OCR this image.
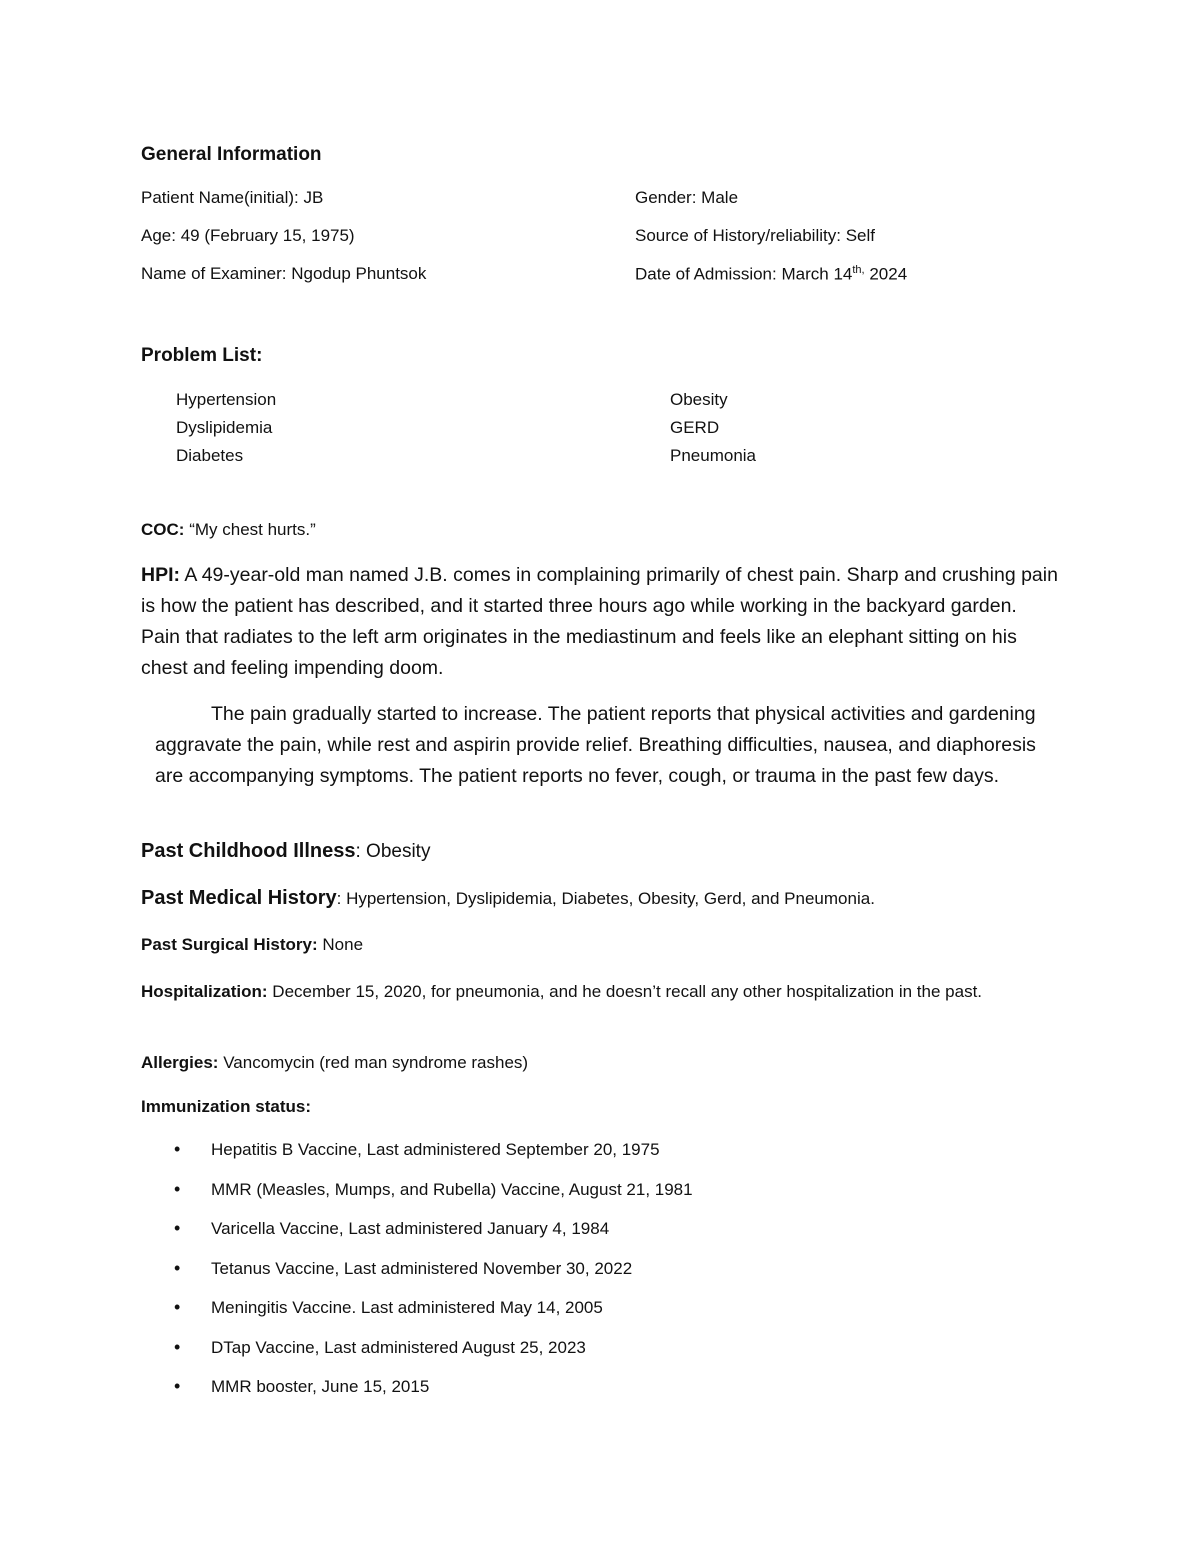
General Information
Patient Name(initial): JB	Gender: Male
Age: 49 (February 15, 1975)	Source of History/reliability: Self
Name of Examiner: Ngodup Phuntsok	Date of Admission: March $14^{th,}$ 2024
Problem List:
Hypertension
Dyslipidemia
Diabetes
Obesity
GERD
Pneumonia
COC: “My chest hurts.”
HPI: A 49-year-old man named J.B. comes in complaining primarily of chest pain. Sharp and crushing pain is how the patient has described, and it started three hours ago while working in the backyard garden. Pain that radiates to the left arm originates in the mediastinum and feels like an elephant sitting on his chest and feeling impending doom.
The pain gradually started to increase. The patient reports that physical activities and gardening aggravate the pain, while rest and aspirin provide relief. Breathing difficulties, nausea, and diaphoresis are accompanying symptoms. The patient reports no fever, cough, or trauma in the past few days.
Past Childhood Illness: Obesity
Past Medical History: Hypertension, Dyslipidemia, Diabetes, Obesity, Gerd, and Pneumonia.
Past Surgical History: None
Hospitalization: December 15, 2020, for pneumonia, and he doesn’t recall any other hospitalization in the past.
Allergies: Vancomycin (red man syndrome rashes)
Immunization status:
• Hepatitis B Vaccine, Last administered September 20, 1975
• MMR (Measles, Mumps, and Rubella) Vaccine, August 21, 1981
• Varicella Vaccine, Last administered January 4, 1984
• Tetanus Vaccine, Last administered November 30, 2022
• Meningitis Vaccine. Last administered May 14, 2005
• DTap Vaccine, Last administered August 25, 2023
• MMR booster, June 15, 2015
